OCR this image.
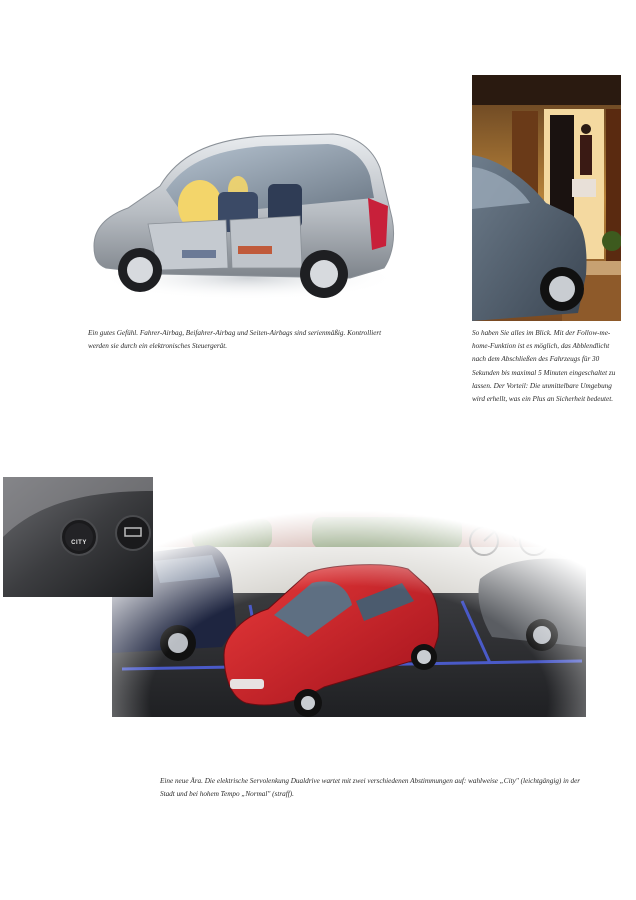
Ein gutes Gefühl. Fahrer-Airbag, Beifahrer-Airbag und Seiten-Airbags sind serienmäßig. Kontrolliert werden sie durch ein elektronisches Steuergerät.

So haben Sie alles im Blick. Mit der Follow-me-home-Funktion ist es möglich, das Abblendlicht nach dem Abschließen des Fahrzeugs für 30 Sekunden bis maximal 5 Minuten eingeschaltet zu lassen. Der Vorteil: Die unmittelbare Umgebung wird erhellt, was ein Plus an Sicherheit bedeutet.

CITY

Eine neue Ära. Die elektrische Servolenkung Dualdrive wartet mit zwei verschiedenen Abstimmungen auf: wahlweise „City" (leichtgängig) in der Stadt und bei hohem Tempo „Normal" (straff).
